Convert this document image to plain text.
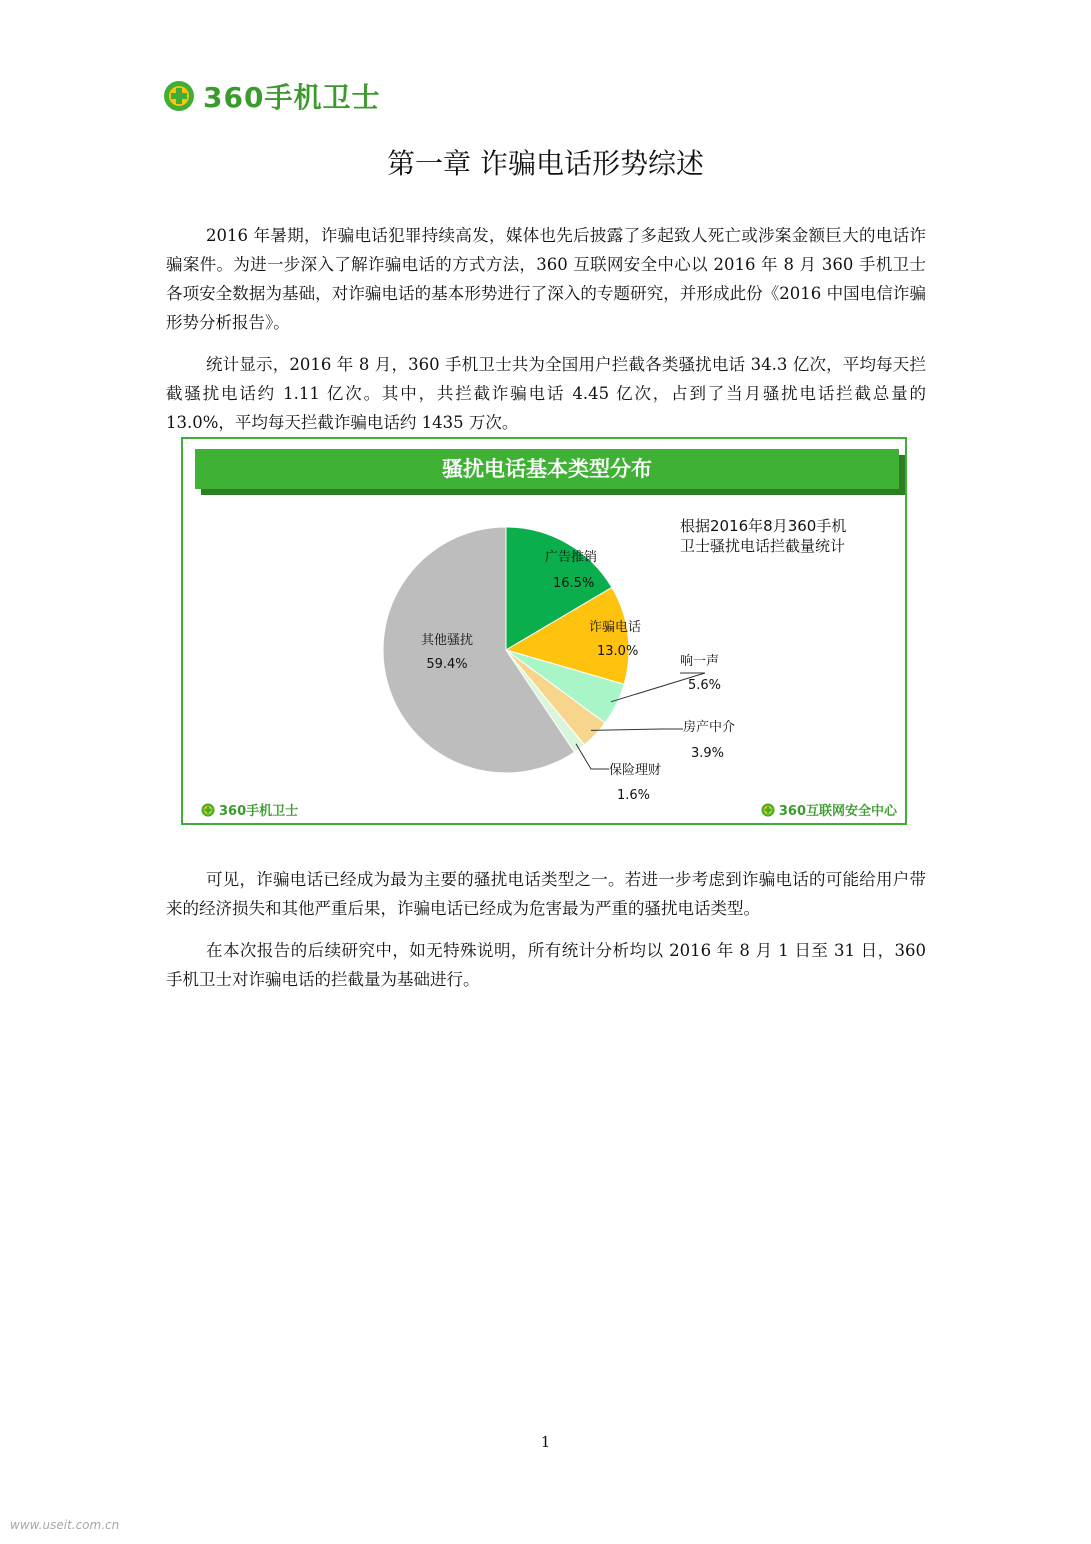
360手机卫士
第一章 诈骗电话形势综述

2016 年暑期，诈骗电话犯罪持续高发，媒体也先后披露了多起致人死亡或涉案金额巨大的电话诈骗案件。为进一步深入了解诈骗电话的方式方法，360 互联网安全中心以 2016 年 8 月 360 手机卫士各项安全数据为基础，对诈骗电话的基本形势进行了深入的专题研究，并形成此份《2016 中国电信诈骗形势分析报告》。

统计显示，2016 年 8 月，360 手机卫士共为全国用户拦截各类骚扰电话 34.3 亿次，平均每天拦截骚扰电话约 1.11 亿次。其中，共拦截诈骗电话 4.45 亿次，占到了当月骚扰电话拦截总量的 13.0%，平均每天拦截诈骗电话约 1435 万次。

骚扰电话基本类型分布
根据2016年8月360手机
卫士骚扰电话拦截量统计
广告推销
16.5%
诈骗电话
13.0%
响一声
5.6%
房产中介
3.9%
保险理财
1.6%
其他骚扰
59.4%
360手机卫士	360互联网安全中心

可见，诈骗电话已经成为最为主要的骚扰电话类型之一。若进一步考虑到诈骗电话的可能给用户带来的经济损失和其他严重后果，诈骗电话已经成为危害最为严重的骚扰电话类型。

在本次报告的后续研究中，如无特殊说明，所有统计分析均以 2016 年 8 月 1 日至 31 日，360 手机卫士对诈骗电话的拦截量为基础进行。

1
www.useit.com.cn
